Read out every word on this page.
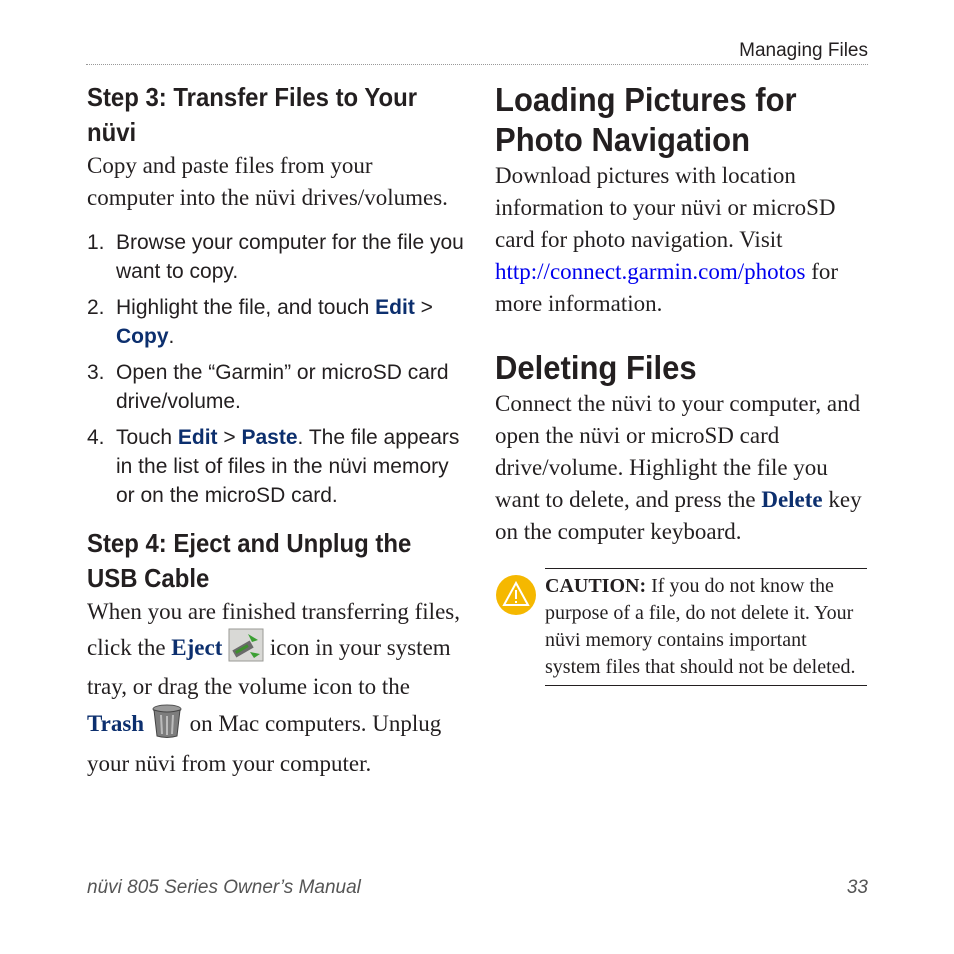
Managing Files
Step 3: Transfer Files to Your nüvi

Copy and paste files from your computer into the nüvi drives/volumes.

1. Browse your computer for the file you want to copy.
2. Highlight the file, and touch Edit > Copy.
3. Open the “Garmin” or microSD card drive/volume.
4. Touch Edit > Paste. The file appears in the list of files in the nüvi memory or on the microSD card.
Step 4: Eject and Unplug the USB Cable

When you are finished transferring files, click the Eject  icon in your system tray, or drag the volume icon to the Trash  on Mac computers. Unplug your nüvi from your computer.

Loading Pictures for Photo Navigation

Download pictures with location information to your nüvi or microSD card for photo navigation. Visit http://connect.garmin.com/photos for more information.

Deleting Files

Connect the nüvi to your computer, and open the nüvi or microSD card drive/volume. Highlight the file you want to delete, and press the Delete key on the computer keyboard.

CAUTION: If you do not know the purpose of a file, do not delete it. Your nüvi memory contains important system files that should not be deleted.
nüvi 805 Series Owner’s Manual	33
